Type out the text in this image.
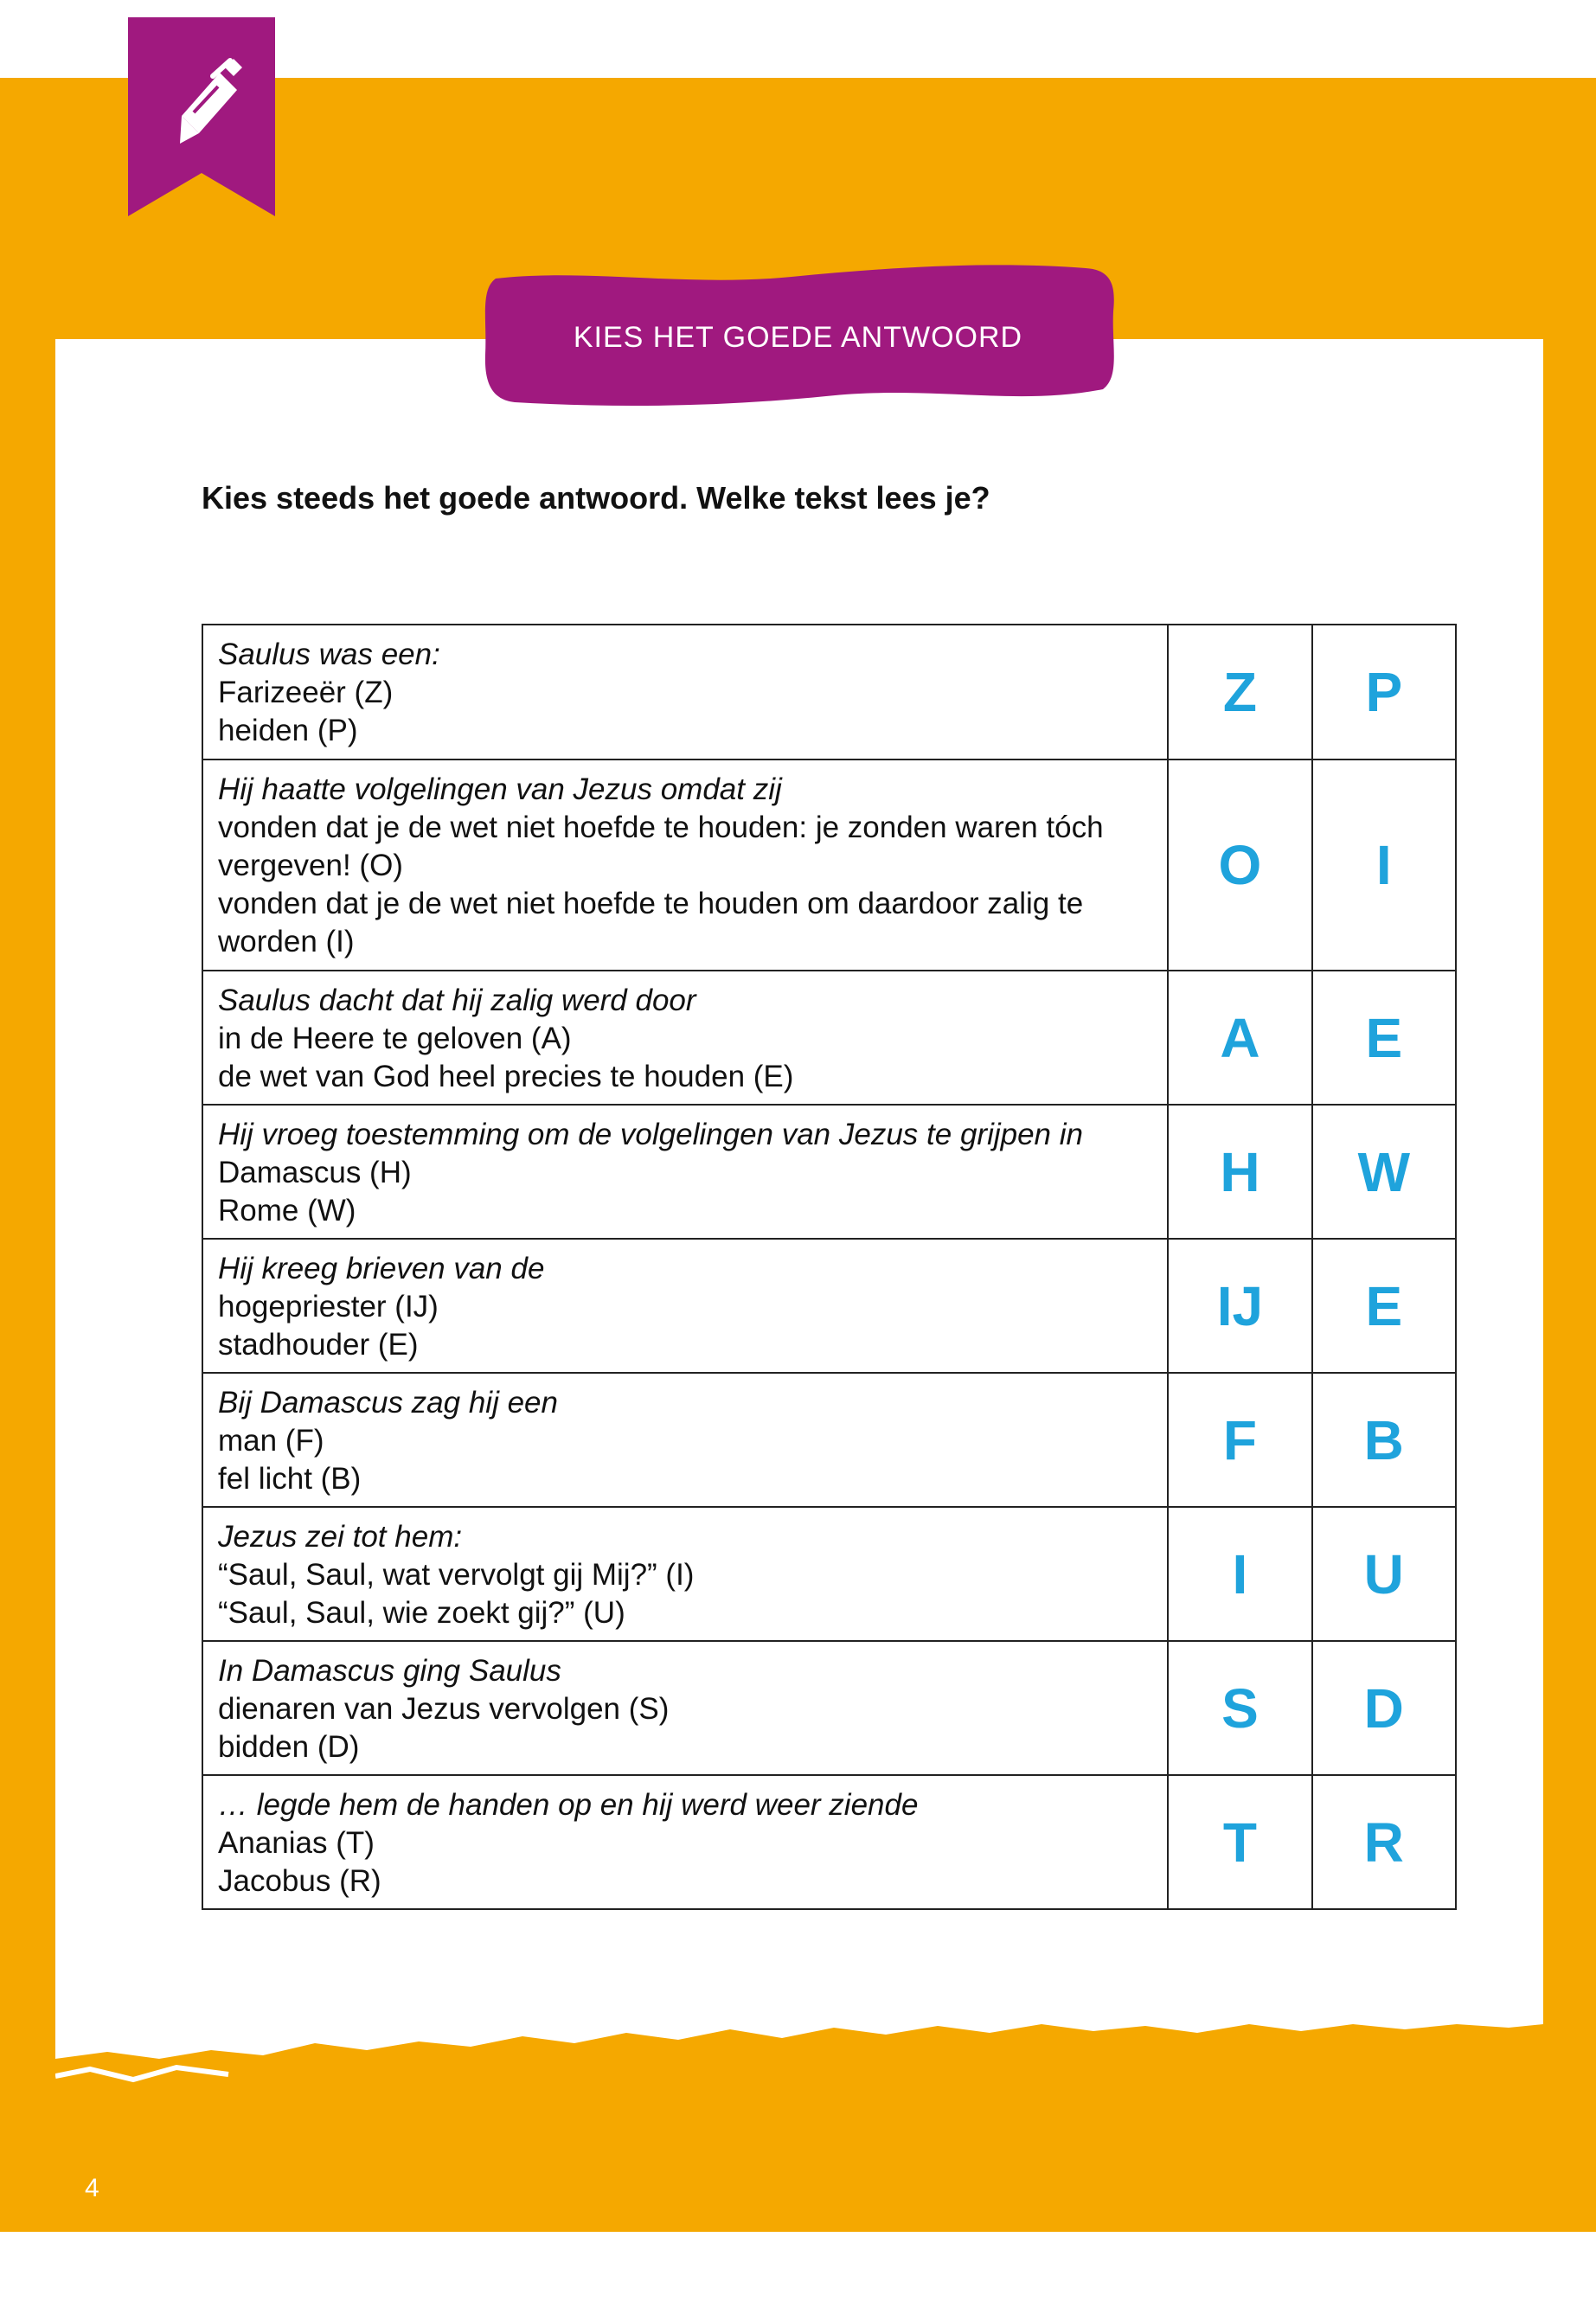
KIES HET GOEDE ANTWOORD
Kies steeds het goede antwoord. Welke tekst lees je?
Saulus was een:
Farizeeër (Z)
heiden (P)	Z	P

Hij haatte volgelingen van Jezus omdat zij
vonden dat je de wet niet hoefde te houden: je zonden waren tóch vergeven! (O)
vonden dat je de wet niet hoefde te houden om daardoor zalig te worden (I)	O	I

Saulus dacht dat hij zalig werd door
in de Heere te geloven (A)
de wet van God heel precies te houden (E)	A	E

Hij vroeg toestemming om de volgelingen van Jezus te grijpen in
Damascus (H)
Rome (W)	H	W

Hij kreeg brieven van de
hogepriester (IJ)
stadhouder (E)	IJ	E

Bij Damascus zag hij een
man (F)
fel licht (B)	F	B

Jezus zei tot hem:
“Saul, Saul, wat vervolgt gij Mij?” (I)
“Saul, Saul, wie zoekt gij?” (U)	I	U

In Damascus ging Saulus
dienaren van Jezus vervolgen (S)
bidden (D)	S	D

… legde hem de handen op en hij werd weer ziende
Ananias (T)
Jacobus (R)	T	R
4
